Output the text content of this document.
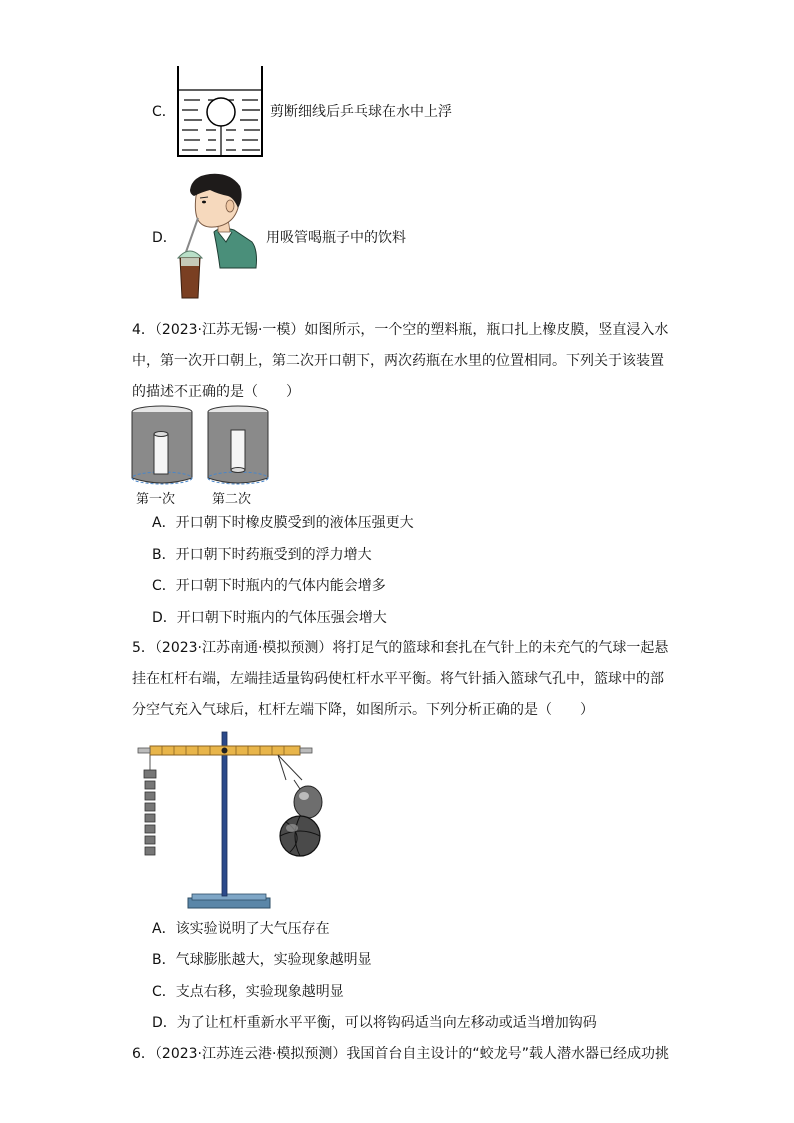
C．	剪断细线后乒乓球在水中上浮
D．	用吸管喝瓶子中的饮料

4．（2023·江苏无锡·一模）如图所示，一个空的塑料瓶，瓶口扎上橡皮膜，竖直浸入水

中，第一次开口朝上，第二次开口朝下，两次药瓶在水里的位置相同。下列关于该装置

的描述不正确的是（　　）

第一次	第二次
A．开口朝下时橡皮膜受到的液体压强更大
B．开口朝下时药瓶受到的浮力增大
C．开口朝下时瓶内的气体内能会增多
D．开口朝下时瓶内的气体压强会增大

5．（2023·江苏南通·模拟预测）将打足气的篮球和套扎在气针上的未充气的气球一起悬

挂在杠杆右端，左端挂适量钩码使杠杆水平平衡。将气针插入篮球气孔中，篮球中的部

分空气充入气球后，杠杆左端下降，如图所示。下列分析正确的是（　　）

A．该实验说明了大气压存在
B．气球膨胀越大，实验现象越明显
C．支点右移，实验现象越明显
D．为了让杠杆重新水平平衡，可以将钩码适当向左移动或适当增加钩码

6．（2023·江苏连云港·模拟预测）我国首台自主设计的“蛟龙号”载人潜水器已经成功挑
